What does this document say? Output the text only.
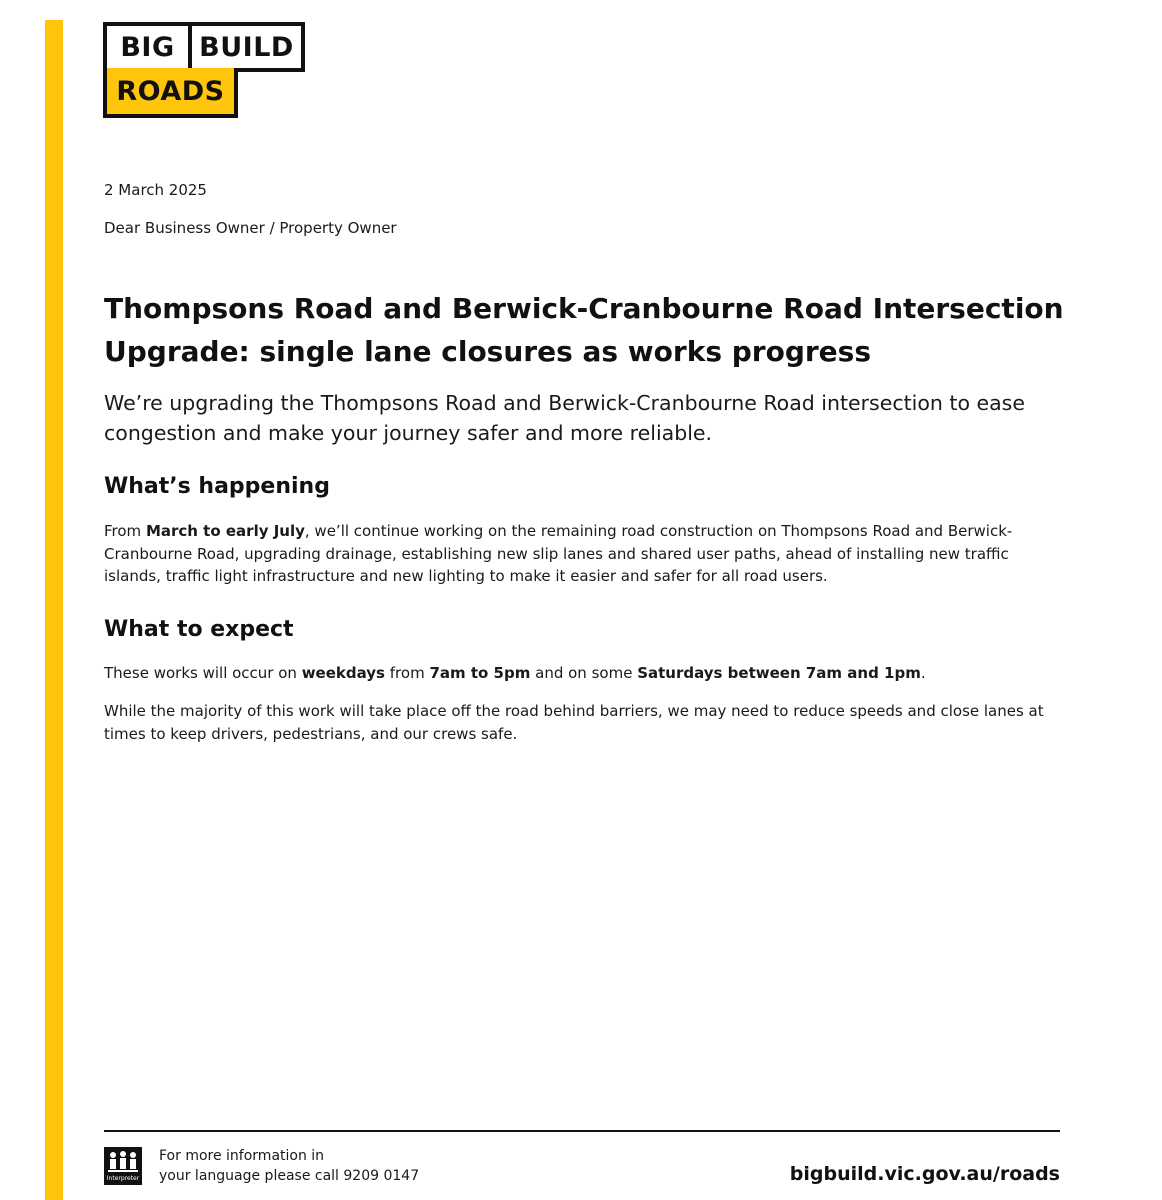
BIG BUILD
ROADS
2 March 2025
Dear Business Owner / Property Owner
Thompsons Road and Berwick-Cranbourne Road Intersection Upgrade: single lane closures as works progress

We’re upgrading the Thompsons Road and Berwick-Cranbourne Road intersection to ease congestion and make your journey safer and more reliable.

What’s happening

From March to early July, we’ll continue working on the remaining road construction on Thompsons Road and Berwick-Cranbourne Road, upgrading drainage, establishing new slip lanes and shared user paths, ahead of installing new traffic islands, traffic light infrastructure and new lighting to make it easier and safer for all road users.

What to expect

These works will occur on weekdays from 7am to 5pm and on some Saturdays between 7am and 1pm.

While the majority of this work will take place off the road behind barriers, we may need to reduce speeds and close lanes at times to keep drivers, pedestrians, and our crews safe.

Interpreter
For more information in
your language please call 9209 0147	bigbuild.vic.gov.au/roads
